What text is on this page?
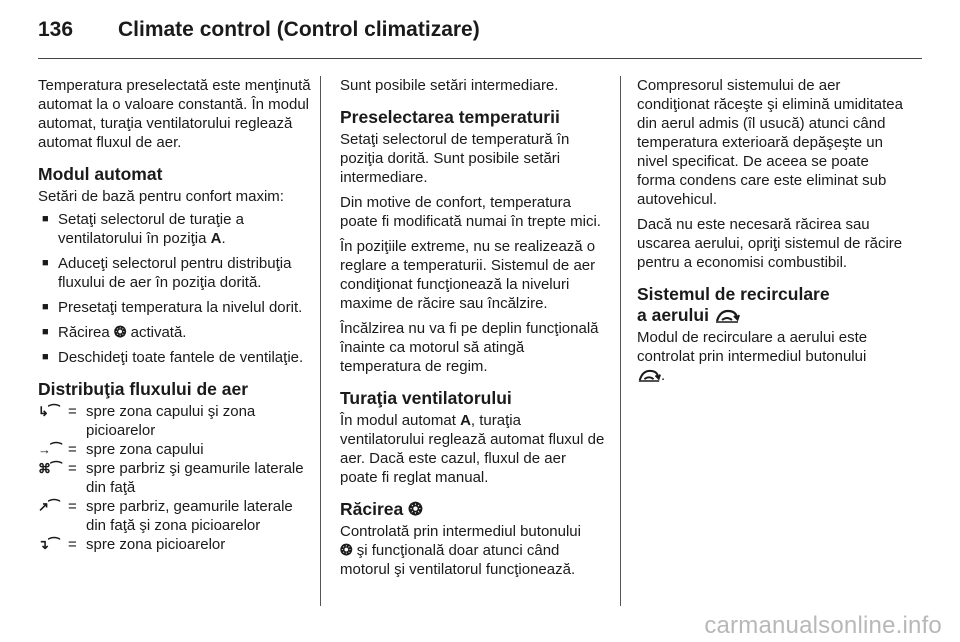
136 Climate control (Control climatizare)

Temperatura preselectată este menţinută automat la o valoare constantă. În modul automat, turaţia ventilatorului reglează automat fluxul de aer.

Modul automat

Setări de bază pentru confort maxim:

■ Setaţi selectorul de turaţie a ventilatorului în poziţia A.
■ Aduceţi selectorul pentru distribuţia fluxului de aer în poziţia dorită.
■ Presetaţi temperatura la nivelul dorit.
■ Răcirea ❂ activată.
■ Deschideţi toate fantele de ventilaţie.
Distribuţia fluxului de aer
↳⁀ = spre zona capului şi zona picioarelor
→⁀ = spre zona capului
⌘⁀ = spre parbriz şi geamurile laterale din faţă
↗⁀ = spre parbriz, geamurile laterale din faţă şi zona picioarelor
↴⁀ = spre zona picioarelor

Sunt posibile setări intermediare.

Preselectarea temperaturii

Setaţi selectorul de temperatură în poziţia dorită. Sunt posibile setări intermediare.

Din motive de confort, temperatura poate fi modificată numai în trepte mici.

În poziţiile extreme, nu se realizează o reglare a temperaturii. Sistemul de aer condiţionat funcţionează la niveluri maxime de răcire sau încălzire.

Încălzirea nu va fi pe deplin funcţională înainte ca motorul să atingă temperatura de regim.

Turaţia ventilatorului

În modul automat A, turaţia ventilatorului reglează automat fluxul de aer. Dacă este cazul, fluxul de aer poate fi reglat manual.

Răcirea ❂

Controlată prin intermediul butonului
❂ şi funcţională doar atunci când motorul şi ventilatorul funcţionează.

Compresorul sistemului de aer condiţionat răceşte şi elimină umiditatea din aerul admis (îl usucă) atunci când temperatura exterioară depăşeşte un nivel specificat. De aceea se poate forma condens care este eliminat sub autovehicul.

Dacă nu este necesară răcirea sau uscarea aerului, opriţi sistemul de răcire pentru a economisi combustibil.

Sistemul de recirculare
a aerului

Modul de recirculare a aerului este controlat prin intermediul butonului
.

carmanualsonline.info
